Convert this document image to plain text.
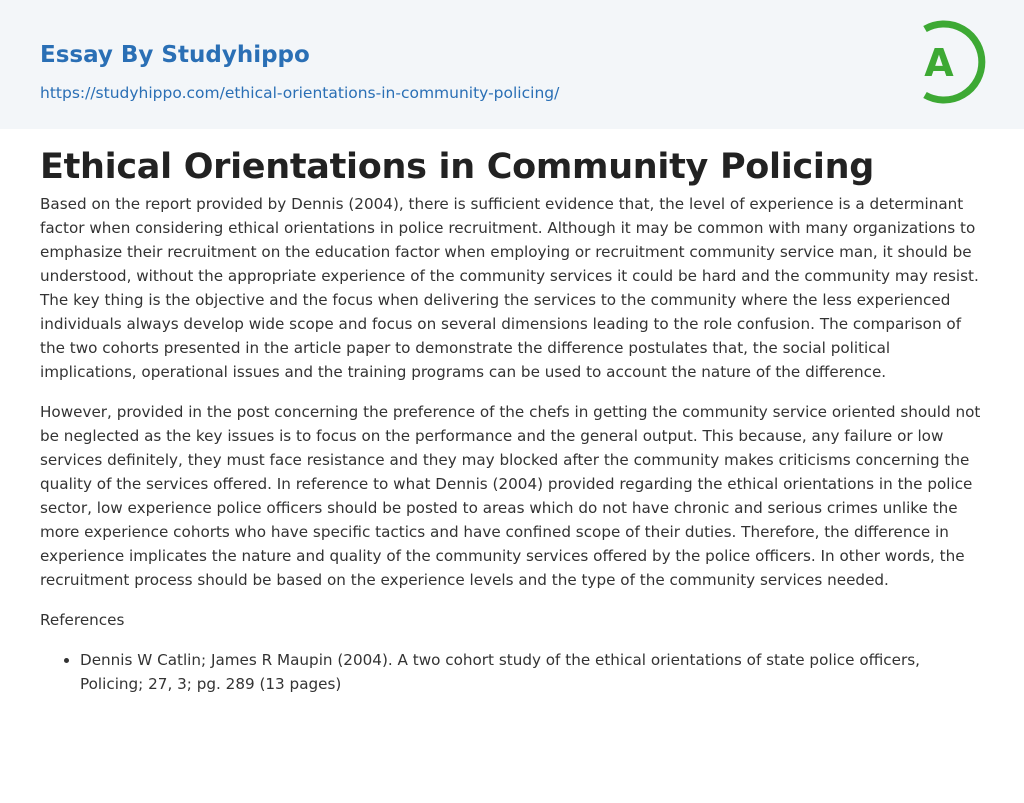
Essay By Studyhippo
https://studyhippo.com/ethical-orientations-in-community-policing/
A
Ethical Orientations in Community Policing

Based on the report provided by Dennis (2004), there is sufficient evidence that, the level of experience is a determinant factor when considering ethical orientations in police recruitment. Although it may be common with many organizations to emphasize their recruitment on the education factor when employing or recruitment community service man, it should be understood, without the appropriate experience of the community services it could be hard and the community may resist. The key thing is the objective and the focus when delivering the services to the community where the less experienced individuals always develop wide scope and focus on several dimensions leading to the role confusion. The comparison of the two cohorts presented in the article paper to demonstrate the difference postulates that, the social political implications, operational issues and the training programs can be used to account the nature of the difference.

However, provided in the post concerning the preference of the chefs in getting the community service oriented should not be neglected as the key issues is to focus on the performance and the general output. This because, any failure or low services definitely, they must face resistance and they may blocked after the community makes criticisms concerning the quality of the services offered. In reference to what Dennis (2004) provided regarding the ethical orientations in the police sector, low experience police officers should be posted to areas which do not have chronic and serious crimes unlike the more experience cohorts who have specific tactics and have confined scope of their duties. Therefore, the difference in experience implicates the nature and quality of the community services offered by the police officers. In other words, the recruitment process should be based on the experience levels and the type of the community services needed.

References

• Dennis W Catlin; James R Maupin (2004). A two cohort study of the ethical orientations of state police officers, Policing; 27, 3; pg. 289 (13 pages)
